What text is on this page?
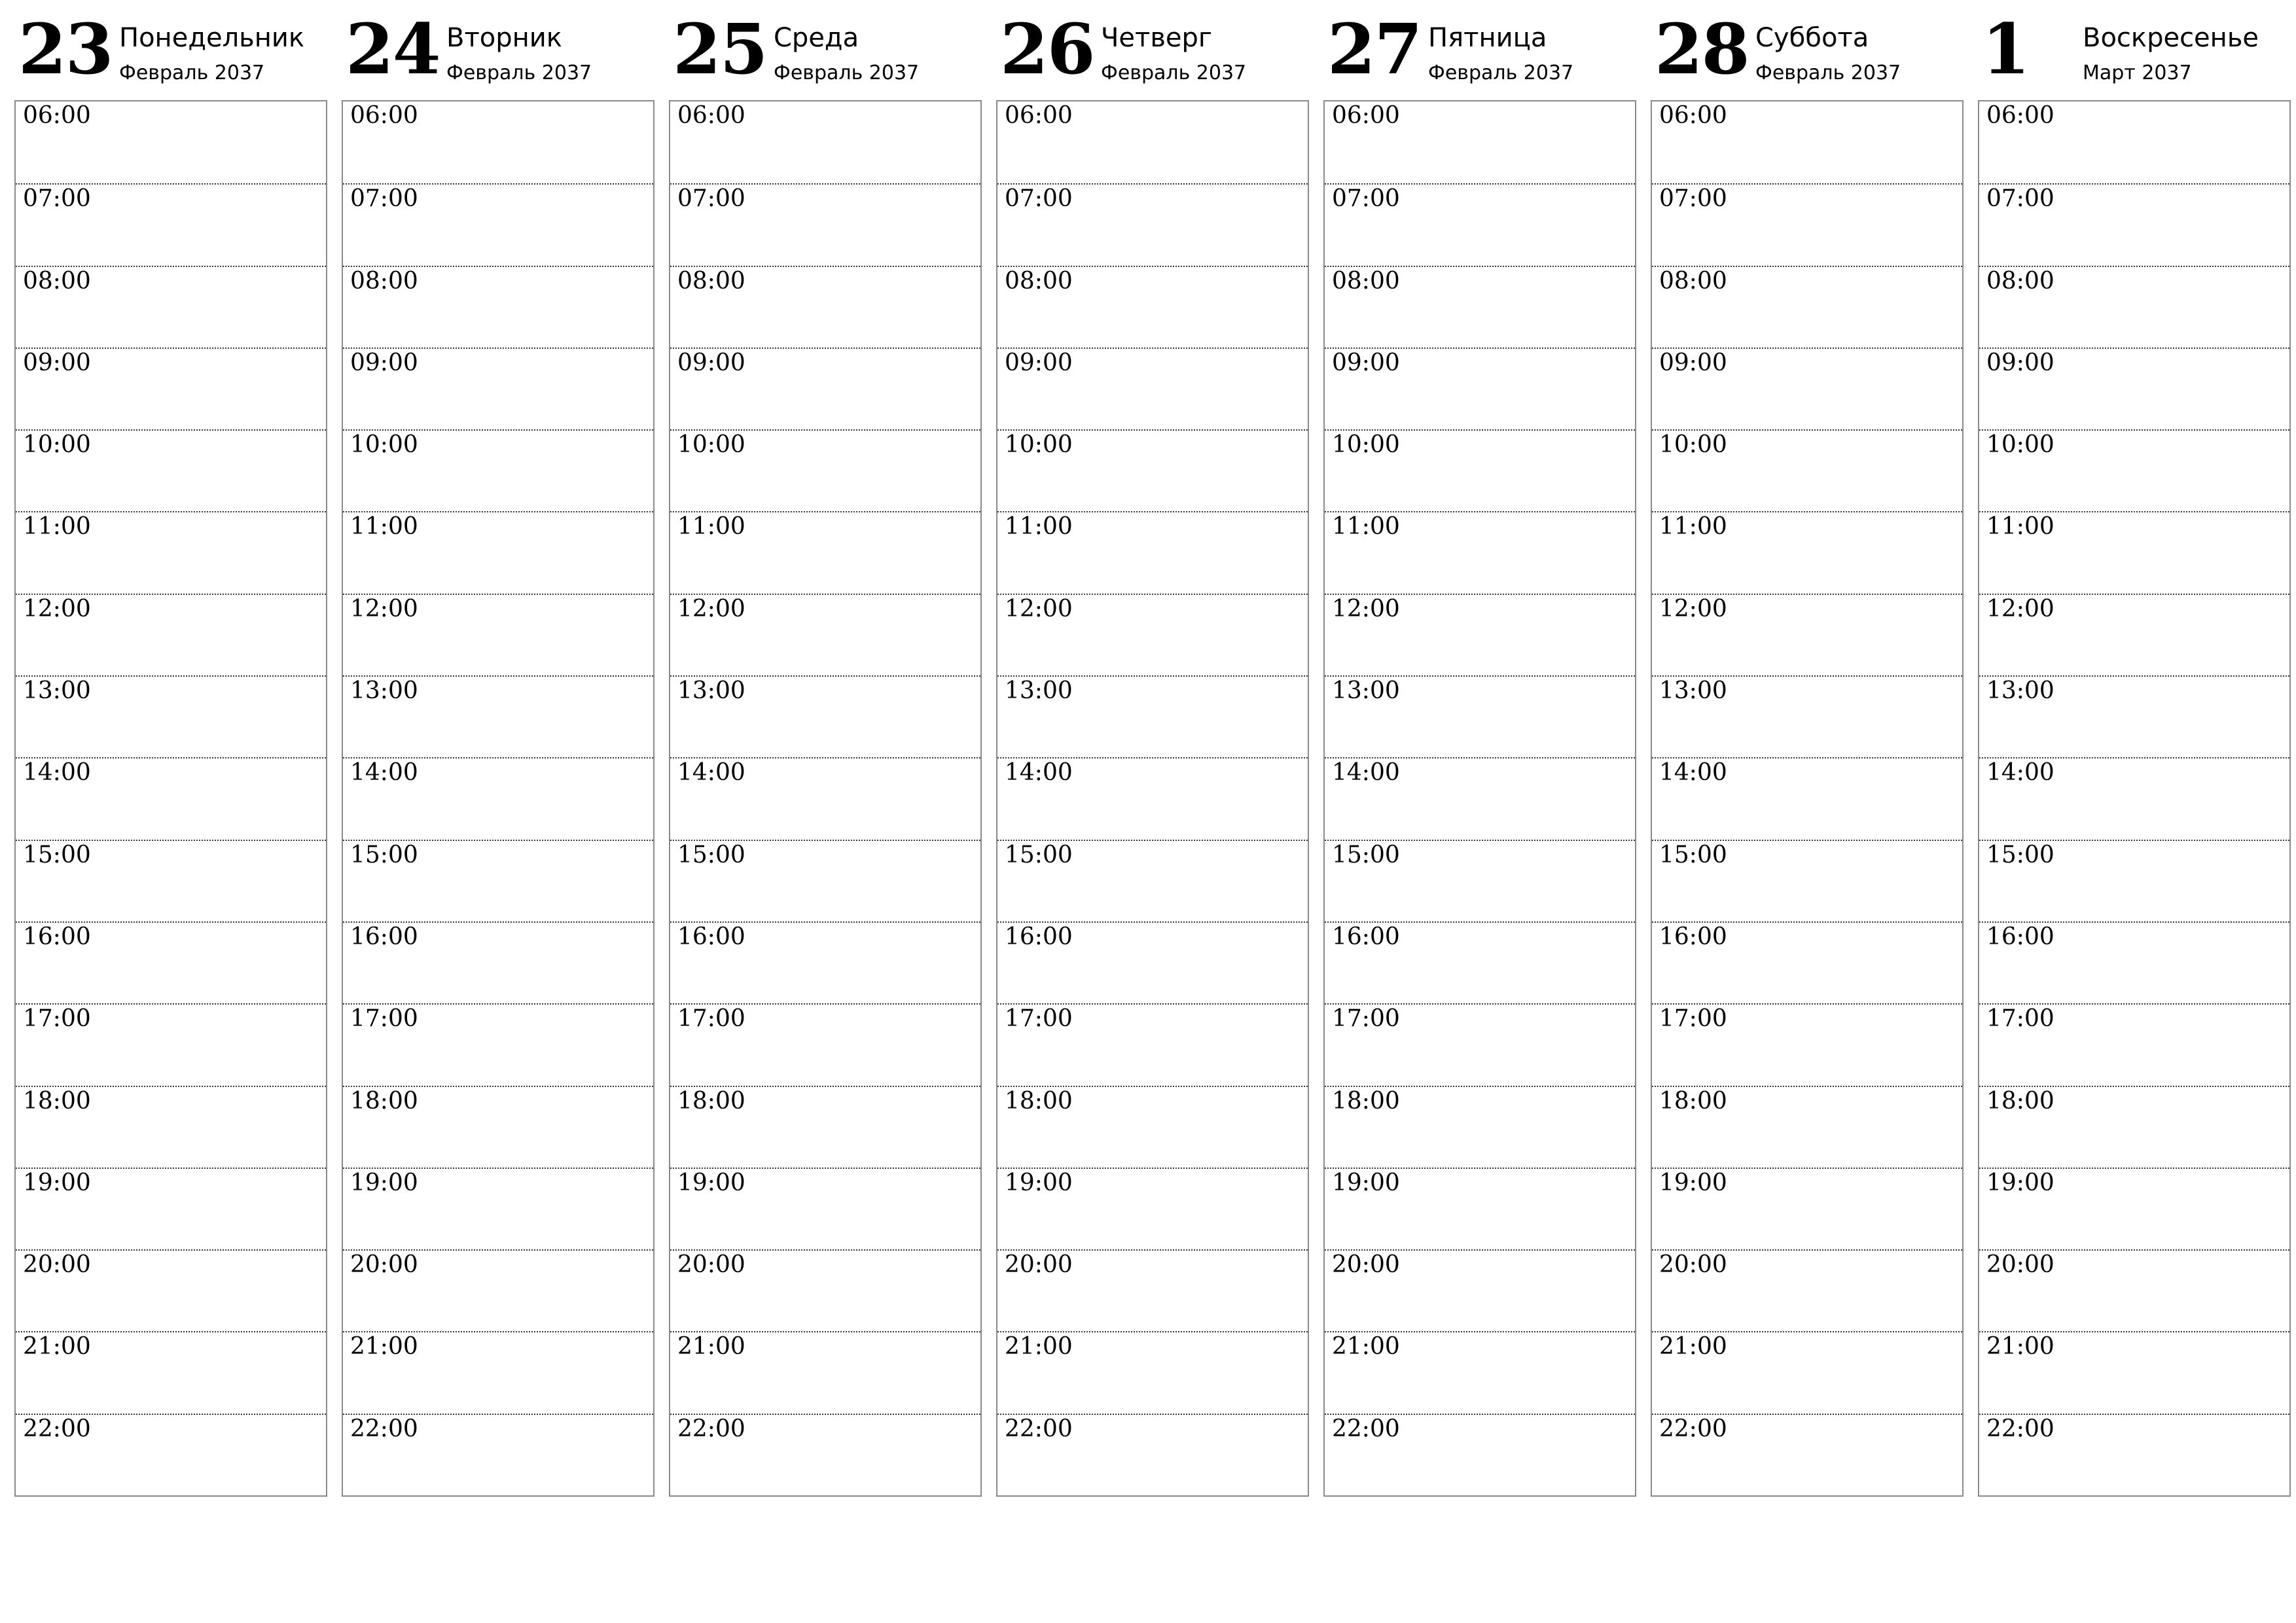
23 Понедельник
Февраль 2037
06:00
07:00
08:00
09:00
10:00
11:00
12:00
13:00
14:00
15:00
16:00
17:00
18:00
19:00
20:00
21:00
22:00
24 Вторник
Февраль 2037
06:00
07:00
08:00
09:00
10:00
11:00
12:00
13:00
14:00
15:00
16:00
17:00
18:00
19:00
20:00
21:00
22:00
25 Среда
Февраль 2037
06:00
07:00
08:00
09:00
10:00
11:00
12:00
13:00
14:00
15:00
16:00
17:00
18:00
19:00
20:00
21:00
22:00
26 Четверг
Февраль 2037
06:00
07:00
08:00
09:00
10:00
11:00
12:00
13:00
14:00
15:00
16:00
17:00
18:00
19:00
20:00
21:00
22:00
27 Пятница
Февраль 2037
06:00
07:00
08:00
09:00
10:00
11:00
12:00
13:00
14:00
15:00
16:00
17:00
18:00
19:00
20:00
21:00
22:00
28 Суббота
Февраль 2037
06:00
07:00
08:00
09:00
10:00
11:00
12:00
13:00
14:00
15:00
16:00
17:00
18:00
19:00
20:00
21:00
22:00
1 Воскресенье
Март 2037
06:00
07:00
08:00
09:00
10:00
11:00
12:00
13:00
14:00
15:00
16:00
17:00
18:00
19:00
20:00
21:00
22:00
